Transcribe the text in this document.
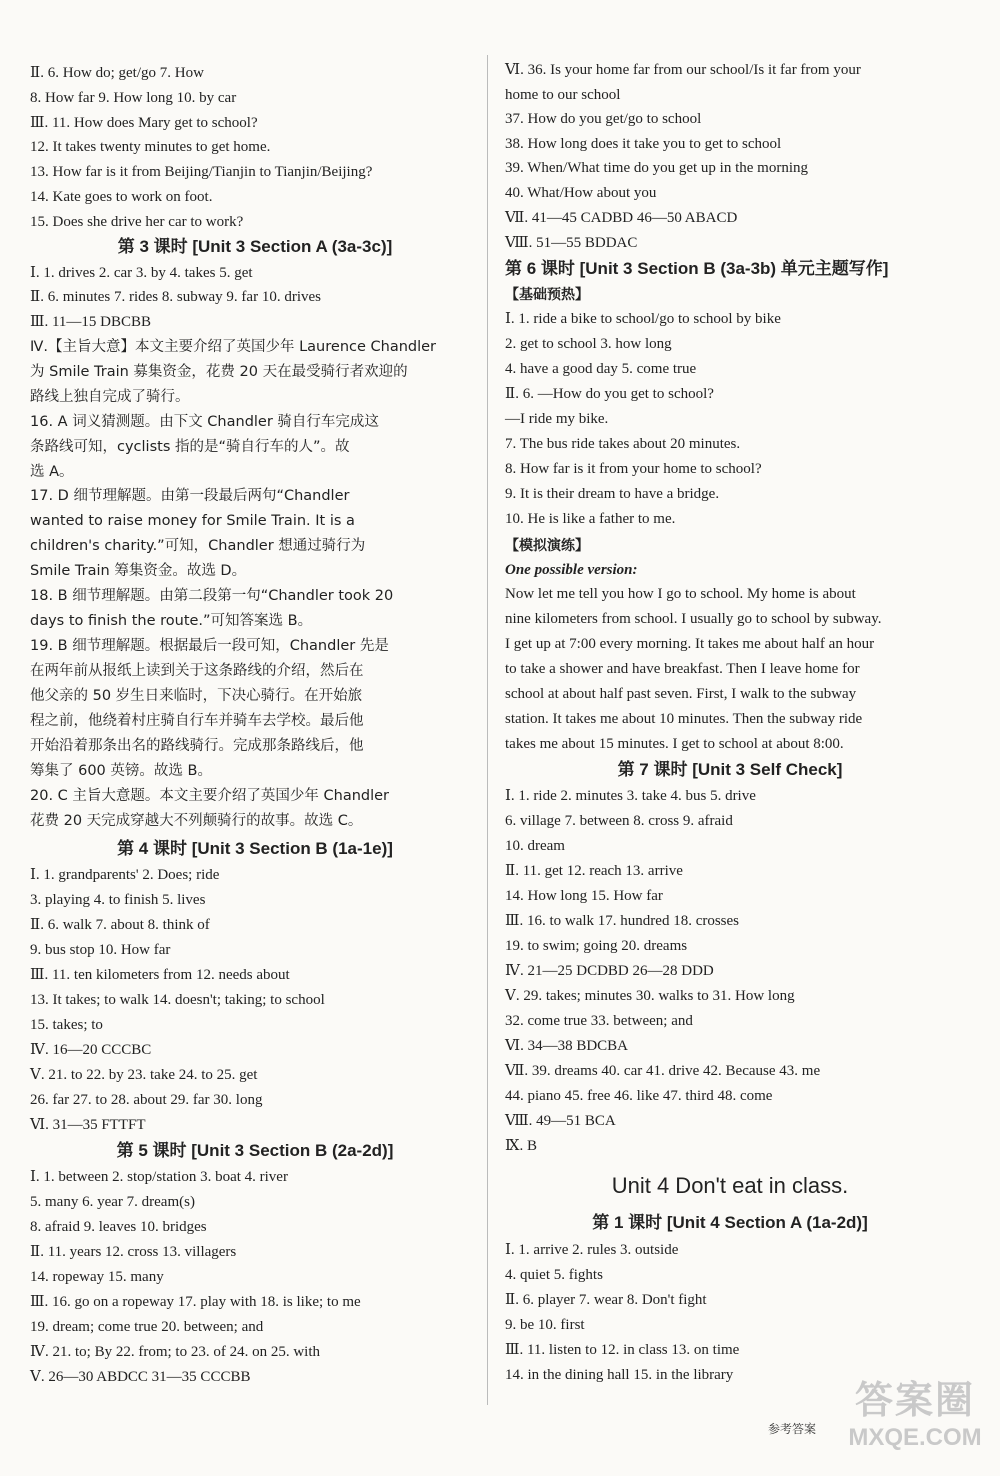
Ⅱ. 6. How do; get/go 7. How
8. How far 9. How long 10. by car
Ⅲ. 11. How does Mary get to school?
12. It takes twenty minutes to get home.
13. How far is it from Beijing/Tianjin to Tianjin/Beijing?
14. Kate goes to work on foot.
15. Does she drive her car to work?
第 3 课时 [Unit 3 Section A (3a-3c)]
Ⅰ. 1. drives 2. car 3. by 4. takes 5. get
Ⅱ. 6. minutes 7. rides 8. subway 9. far 10. drives
Ⅲ. 11—15 DBCBB
Ⅳ.【主旨大意】本文主要介绍了英国少年 Laurence Chandler
为 Smile Train 募集资金，花费 20 天在最受骑行者欢迎的
路线上独自完成了骑行。
16. A 词义猜测题。由下文 Chandler 骑自行车完成这
条路线可知，cyclists 指的是“骑自行车的人”。故
选 A。
17. D 细节理解题。由第一段最后两句“Chandler
wanted to raise money for Smile Train. It is a
children's charity.”可知，Chandler 想通过骑行为
Smile Train 筹集资金。故选 D。
18. B 细节理解题。由第二段第一句“Chandler took 20
days to finish the route.”可知答案选 B。
19. B 细节理解题。根据最后一段可知，Chandler 先是
在两年前从报纸上读到关于这条路线的介绍，然后在
他父亲的 50 岁生日来临时，下决心骑行。在开始旅
程之前，他绕着村庄骑自行车并骑车去学校。最后他
开始沿着那条出名的路线骑行。完成那条路线后，他
筹集了 600 英镑。故选 B。
20. C 主旨大意题。本文主要介绍了英国少年 Chandler
花费 20 天完成穿越大不列颠骑行的故事。故选 C。
第 4 课时 [Unit 3 Section B (1a-1e)]
Ⅰ. 1. grandparents' 2. Does; ride
3. playing 4. to finish 5. lives
Ⅱ. 6. walk 7. about 8. think of
9. bus stop 10. How far
Ⅲ. 11. ten kilometers from 12. needs about
13. It takes; to walk 14. doesn't; taking; to school
15. takes; to
Ⅳ. 16—20 CCCBC
Ⅴ. 21. to 22. by 23. take 24. to 25. get
26. far 27. to 28. about 29. far 30. long
Ⅵ. 31—35 FTTFT
第 5 课时 [Unit 3 Section B (2a-2d)]
Ⅰ. 1. between 2. stop/station 3. boat 4. river
5. many 6. year 7. dream(s)
8. afraid 9. leaves 10. bridges
Ⅱ. 11. years 12. cross 13. villagers
14. ropeway 15. many
Ⅲ. 16. go on a ropeway 17. play with 18. is like; to me
19. dream; come true 20. between; and
Ⅳ. 21. to; By 22. from; to 23. of 24. on 25. with
Ⅴ. 26—30 ABDCC 31—35 CCCBB
Ⅵ. 36. Is your home far from our school/Is it far from your
home to our school
37. How do you get/go to school
38. How long does it take you to get to school
39. When/What time do you get up in the morning
40. What/How about you
Ⅶ. 41—45 CADBD 46—50 ABACD
Ⅷ. 51—55 BDDAC
第 6 课时 [Unit 3 Section B (3a-3b) 单元主题写作]
【基础预热】
Ⅰ. 1. ride a bike to school/go to school by bike
2. get to school 3. how long
4. have a good day 5. come true
Ⅱ. 6. —How do you get to school?
—I ride my bike.
7. The bus ride takes about 20 minutes.
8. How far is it from your home to school?
9. It is their dream to have a bridge.
10. He is like a father to me.
【模拟演练】
One possible version:
Now let me tell you how I go to school. My home is about
nine kilometers from school. I usually go to school by subway.
I get up at 7:00 every morning. It takes me about half an hour
to take a shower and have breakfast. Then I leave home for
school at about half past seven. First, I walk to the subway
station. It takes me about 10 minutes. Then the subway ride
takes me about 15 minutes. I get to school at about 8:00.
第 7 课时 [Unit 3 Self Check]
Ⅰ. 1. ride 2. minutes 3. take 4. bus 5. drive
6. village 7. between 8. cross 9. afraid
10. dream
Ⅱ. 11. get 12. reach 13. arrive
14. How long 15. How far
Ⅲ. 16. to walk 17. hundred 18. crosses
19. to swim; going 20. dreams
Ⅳ. 21—25 DCDBD 26—28 DDD
Ⅴ. 29. takes; minutes 30. walks to 31. How long
32. come true 33. between; and
Ⅵ. 34—38 BDCBA
Ⅶ. 39. dreams 40. car 41. drive 42. Because 43. me
44. piano 45. free 46. like 47. third 48. come
Ⅷ. 49—51 BCA
Ⅸ. B
Unit 4 Don't eat in class.
第 1 课时 [Unit 4 Section A (1a-2d)]
Ⅰ. 1. arrive 2. rules 3. outside
4. quiet 5. fights
Ⅱ. 6. player 7. wear 8. Don't fight
9. be 10. first
Ⅲ. 11. listen to 12. in class 13. on time
14. in the dining hall 15. in the library
参考答案
答案圈
MXQE.COM
